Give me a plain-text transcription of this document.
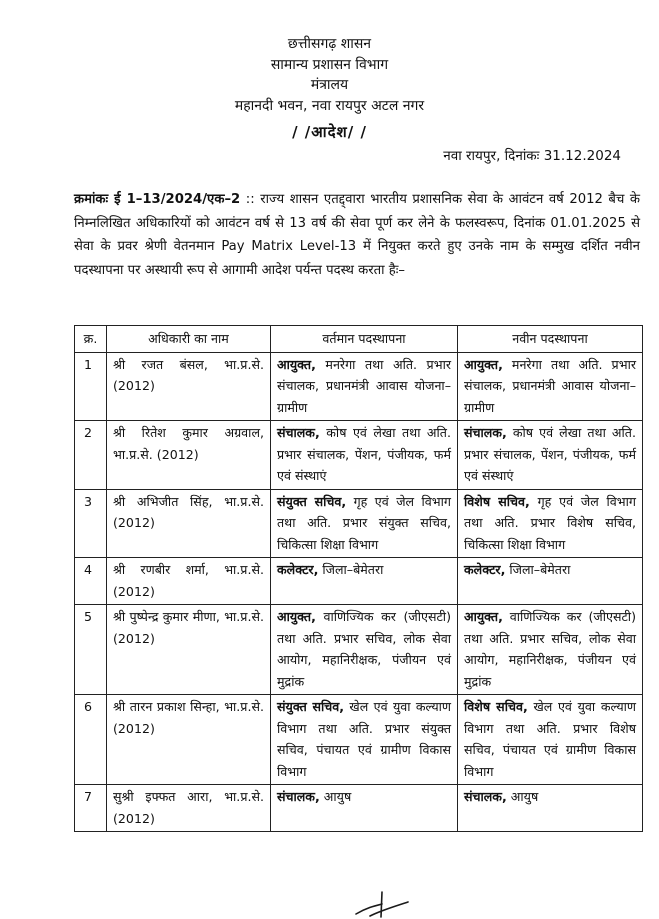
छत्तीसगढ़ शासन
सामान्य प्रशासन विभाग
मंत्रालय
महानदी भवन, नवा रायपुर अटल नगर
/ /आदेश/ /
नवा रायपुर, दिनांकः 31.12.2024
क्रमांकः ई 1–13/2024/एक–2 :: राज्य शासन एतद्द्वारा भारतीय प्रशासनिक सेवा के आवंटन वर्ष 2012 बैच के निम्नलिखित अधिकारियों को आवंटन वर्ष से 13 वर्ष की सेवा पूर्ण कर लेने के फलस्वरूप, दिनांक 01.01.2025 से सेवा के प्रवर श्रेणी वेतनमान Pay Matrix Level-13 में नियुक्त करते हुए उनके नाम के सम्मुख दर्शित नवीन पदस्थापना पर अस्थायी रूप से आगामी आदेश पर्यन्त पदस्थ करता हैः–
क्र.	अधिकारी का नाम	वर्तमान पदस्थापना	नवीन पदस्थापना
1	श्री रजत बंसल, भा.प्र.से. (2012)	आयुक्त, मनरेगा तथा अति. प्रभार संचालक, प्रधानमंत्री आवास योजना–ग्रामीण	आयुक्त, मनरेगा तथा अति. प्रभार संचालक, प्रधानमंत्री आवास योजना–ग्रामीण
2	श्री रितेश कुमार अग्रवाल, भा.प्र.से. (2012)	संचालक, कोष एवं लेखा तथा अति. प्रभार संचालक, पेंशन, पंजीयक, फर्म एवं संस्थाएं	संचालक, कोष एवं लेखा तथा अति. प्रभार संचालक, पेंशन, पंजीयक, फर्म एवं संस्थाएं
3	श्री अभिजीत सिंह, भा.प्र.से. (2012)	संयुक्त सचिव, गृह एवं जेल विभाग तथा अति. प्रभार संयुक्त सचिव, चिकित्सा शिक्षा विभाग	विशेष सचिव, गृह एवं जेल विभाग तथा अति. प्रभार विशेष सचिव, चिकित्सा शिक्षा विभाग
4	श्री रणबीर शर्मा, भा.प्र.से. (2012)	कलेक्टर, जिला–बेमेतरा	कलेक्टर, जिला–बेमेतरा
5	श्री पुष्पेन्द्र कुमार मीणा, भा.प्र.से. (2012)	आयुक्त, वाणिज्यिक कर (जीएसटी) तथा अति. प्रभार सचिव, लोक सेवा आयोग, महानिरीक्षक, पंजीयन एवं मुद्रांक	आयुक्त, वाणिज्यिक कर (जीएसटी) तथा अति. प्रभार सचिव, लोक सेवा आयोग, महानिरीक्षक, पंजीयन एवं मुद्रांक
6	श्री तारन प्रकाश सिन्हा, भा.प्र.से. (2012)	संयुक्त सचिव, खेल एवं युवा कल्याण विभाग तथा अति. प्रभार संयुक्त सचिव, पंचायत एवं ग्रामीण विकास विभाग	विशेष सचिव, खेल एवं युवा कल्याण विभाग तथा अति. प्रभार विशेष सचिव, पंचायत एवं ग्रामीण विकास विभाग
7	सुश्री इफ्फत आरा, भा.प्र.से. (2012)	संचालक, आयुष	संचालक, आयुष
